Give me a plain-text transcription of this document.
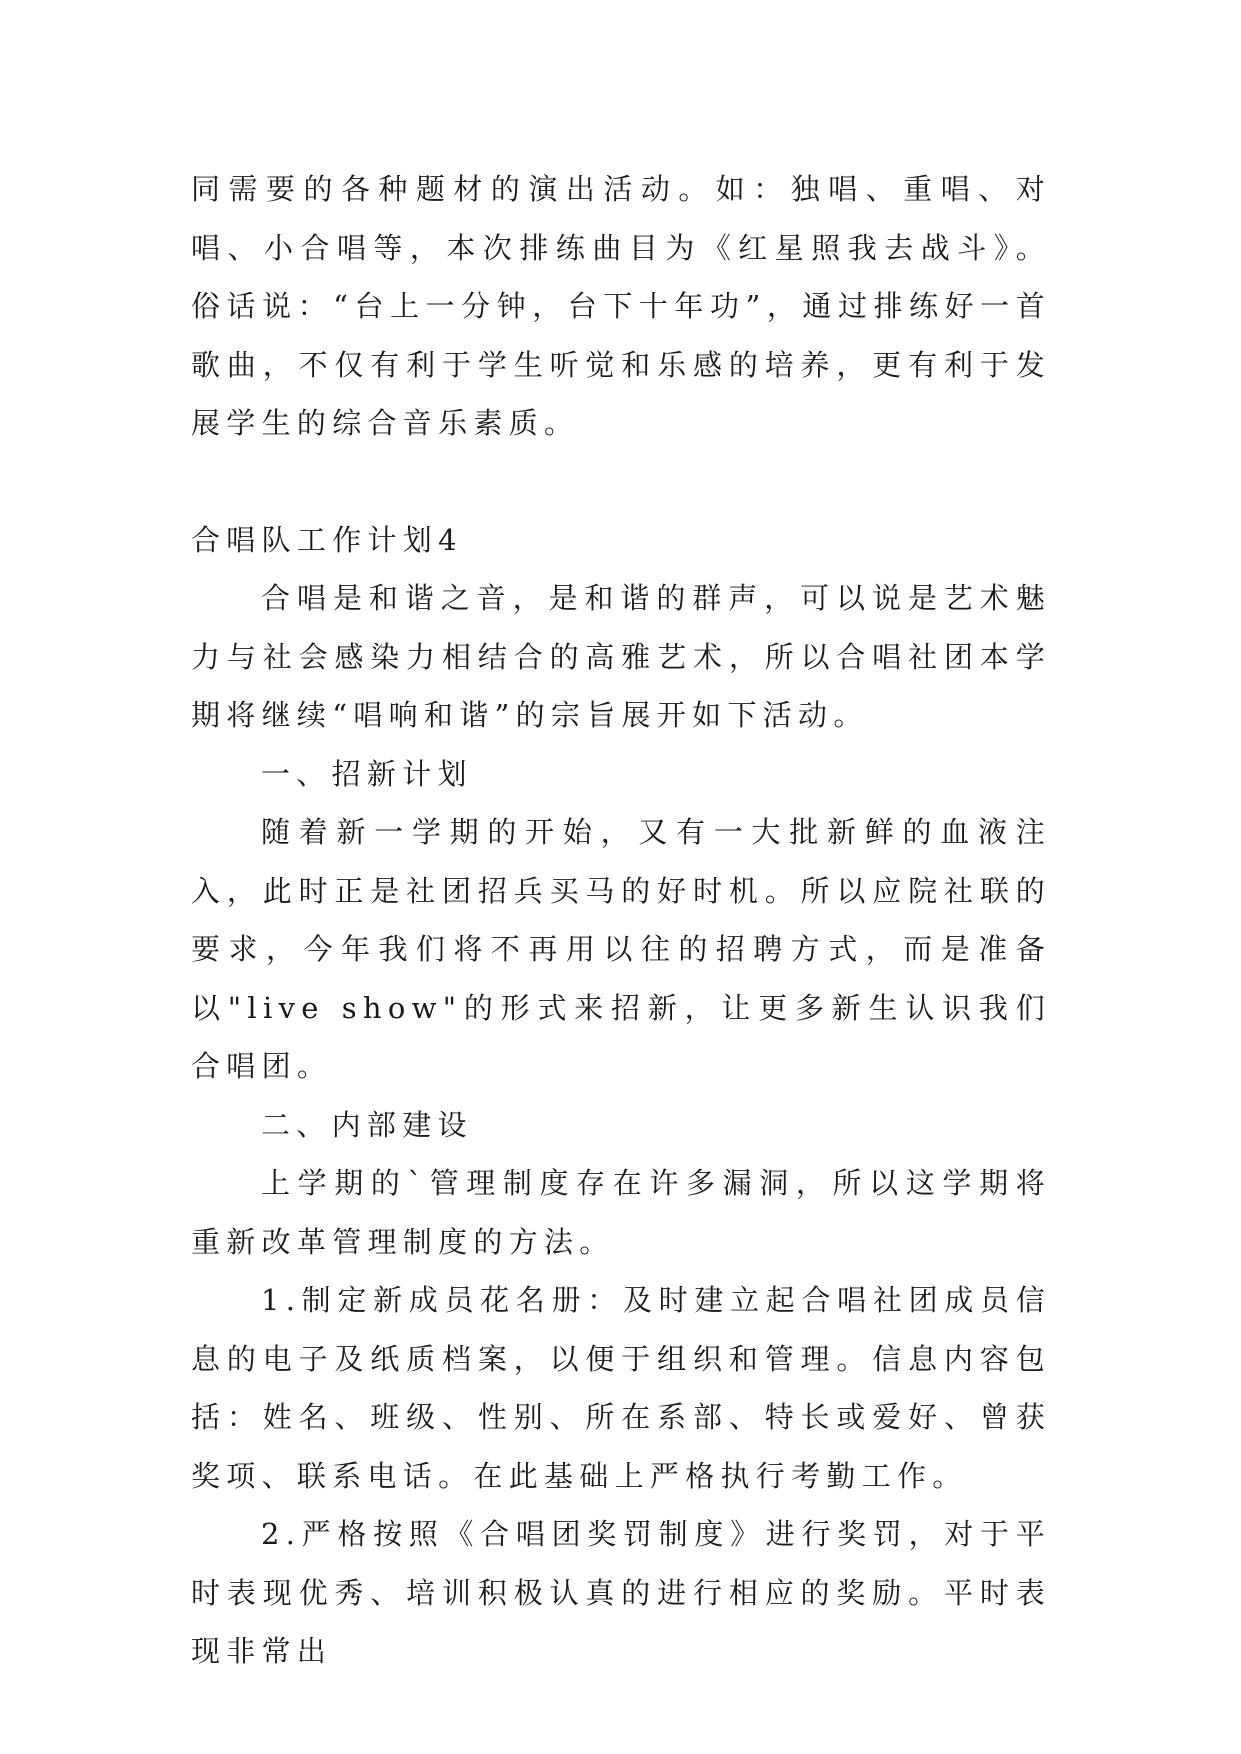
同需要的各种题材的演出活动。如：独唱、重唱、对唱、小合唱等，本次排练曲目为《红星照我去战斗》。俗话说：“台上一分钟，台下十年功”，通过排练好一首歌曲，不仅有利于学生听觉和乐感的培养，更有利于发展学生的综合音乐素质。

合唱队工作计划4

合唱是和谐之音，是和谐的群声，可以说是艺术魅力与社会感染力相结合的高雅艺术，所以合唱社团本学期将继续“唱响和谐”的宗旨展开如下活动。

一、招新计划

随着新一学期的开始，又有一大批新鲜的血液注入，此时正是社团招兵买马的好时机。所以应院社联的要求，今年我们将不再用以往的招聘方式，而是准备以"live show"的形式来招新，让更多新生认识我们合唱团。

二、内部建设

上学期的`管理制度存在许多漏洞，所以这学期将重新改革管理制度的方法。

1.制定新成员花名册：及时建立起合唱社团成员信息的电子及纸质档案，以便于组织和管理。信息内容包括：姓名、班级、性别、所在系部、特长或爱好、曾获奖项、联系电话。在此基础上严格执行考勤工作。

2.严格按照《合唱团奖罚制度》进行奖罚，对于平时表现优秀、培训积极认真的进行相应的奖励。平时表现非常出
